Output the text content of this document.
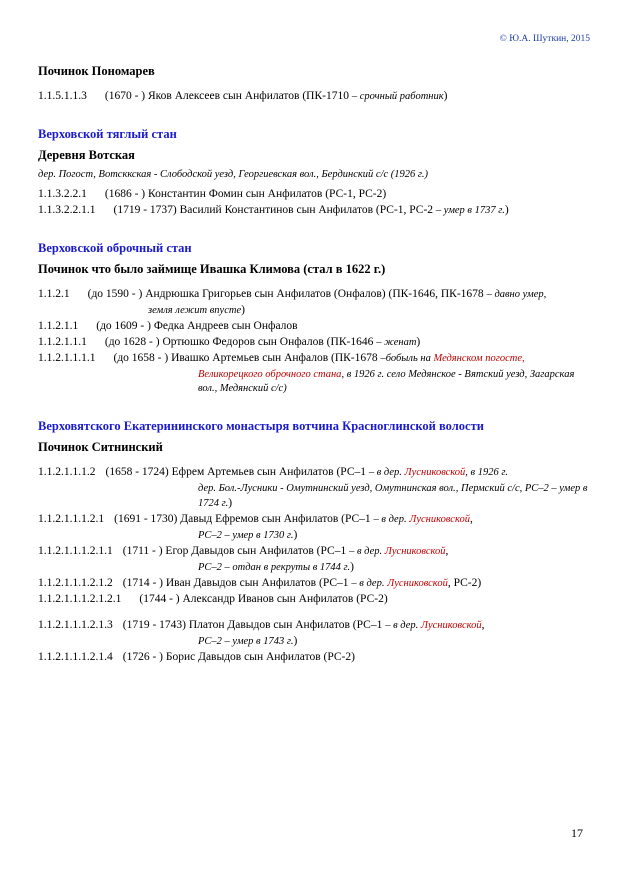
© Ю.А. Шуткин, 2015
Починок Пономарев
1.1.5.1.1.3	(1670 - ) Яков Алексеев сын Анфилатов (ПК-1710 – срочный работник)
Верховской тяглый стан
Деревня Вотская
дер. Погост, Вотсккская - Слободской уезд, Георгиевская вол., Бердинский с/с (1926 г.)
1.1.3.2.2.1	(1686 - ) Константин Фомин сын Анфилатов (РС-1, РС-2)
1.1.3.2.2.1.1	(1719 - 1737) Василий Константинов сын Анфилатов (РС-1, РС-2 – умер в 1737 г.)
Верховской оброчный стан
Починок что было займище Ивашка Климова (стал в 1622 г.)
1.1.2.1	(до 1590 - ) Андрюшка Григорьев сын Анфилатов (Онфалов) (ПК-1646, ПК-1678 – давно умер,
земля лежит впусте)
1.1.2.1.1	(до 1609 - ) Федка Андреев сын Онфалов
1.1.2.1.1.1	(до 1628 - ) Ортюшко Федоров сын Онфалов (ПК-1646 – женат)
1.1.2.1.1.1.1	(до 1658 - ) Ивашко Артемьев сын Анфалов (ПК-1678 –бобыль на Медянском погосте,
Великорецкого оброчного стана, в 1926 г. село Медянское - Вятский уезд, Загарская вол., Медянский с/с)
Верховятского Екатерининского монастыря вотчина Красноглинской волости
Починок Ситнинский
1.1.2.1.1.1.2 (1658 - 1724) Ефрем Артемьев сын Анфилатов (РС–1 – в дер. Лусниковской, в 1926 г.
дер. Бол.-Лусники - Омутнинский уезд, Омутнинская вол., Пермский с/с, РС–2 – умер в 1724 г.)
1.1.2.1.1.1.2.1 (1691 - 1730) Давыд Ефремов сын Анфилатов (РС–1 – в дер. Лусниковской,
РС–2 – умер в 1730 г.)
1.1.2.1.1.1.2.1.1 (1711 - ) Егор Давыдов сын Анфилатов (РС–1 – в дер. Лусниковской,
РС–2 – отдан в рекруты в 1744 г.)
1.1.2.1.1.1.2.1.2 (1714 - ) Иван Давыдов сын Анфилатов (РС–1 – в дер. Лусниковской, РС-2)
1.1.2.1.1.1.2.1.2.1	(1744 - ) Александр Иванов сын Анфилатов (РС-2)
1.1.2.1.1.1.2.1.3 (1719 - 1743) Платон Давыдов сын Анфилатов (РС–1 – в дер. Лусниковской,
РС–2 – умер в 1743 г.)
1.1.2.1.1.1.2.1.4 (1726 - ) Борис Давыдов сын Анфилатов (РС-2)
17
